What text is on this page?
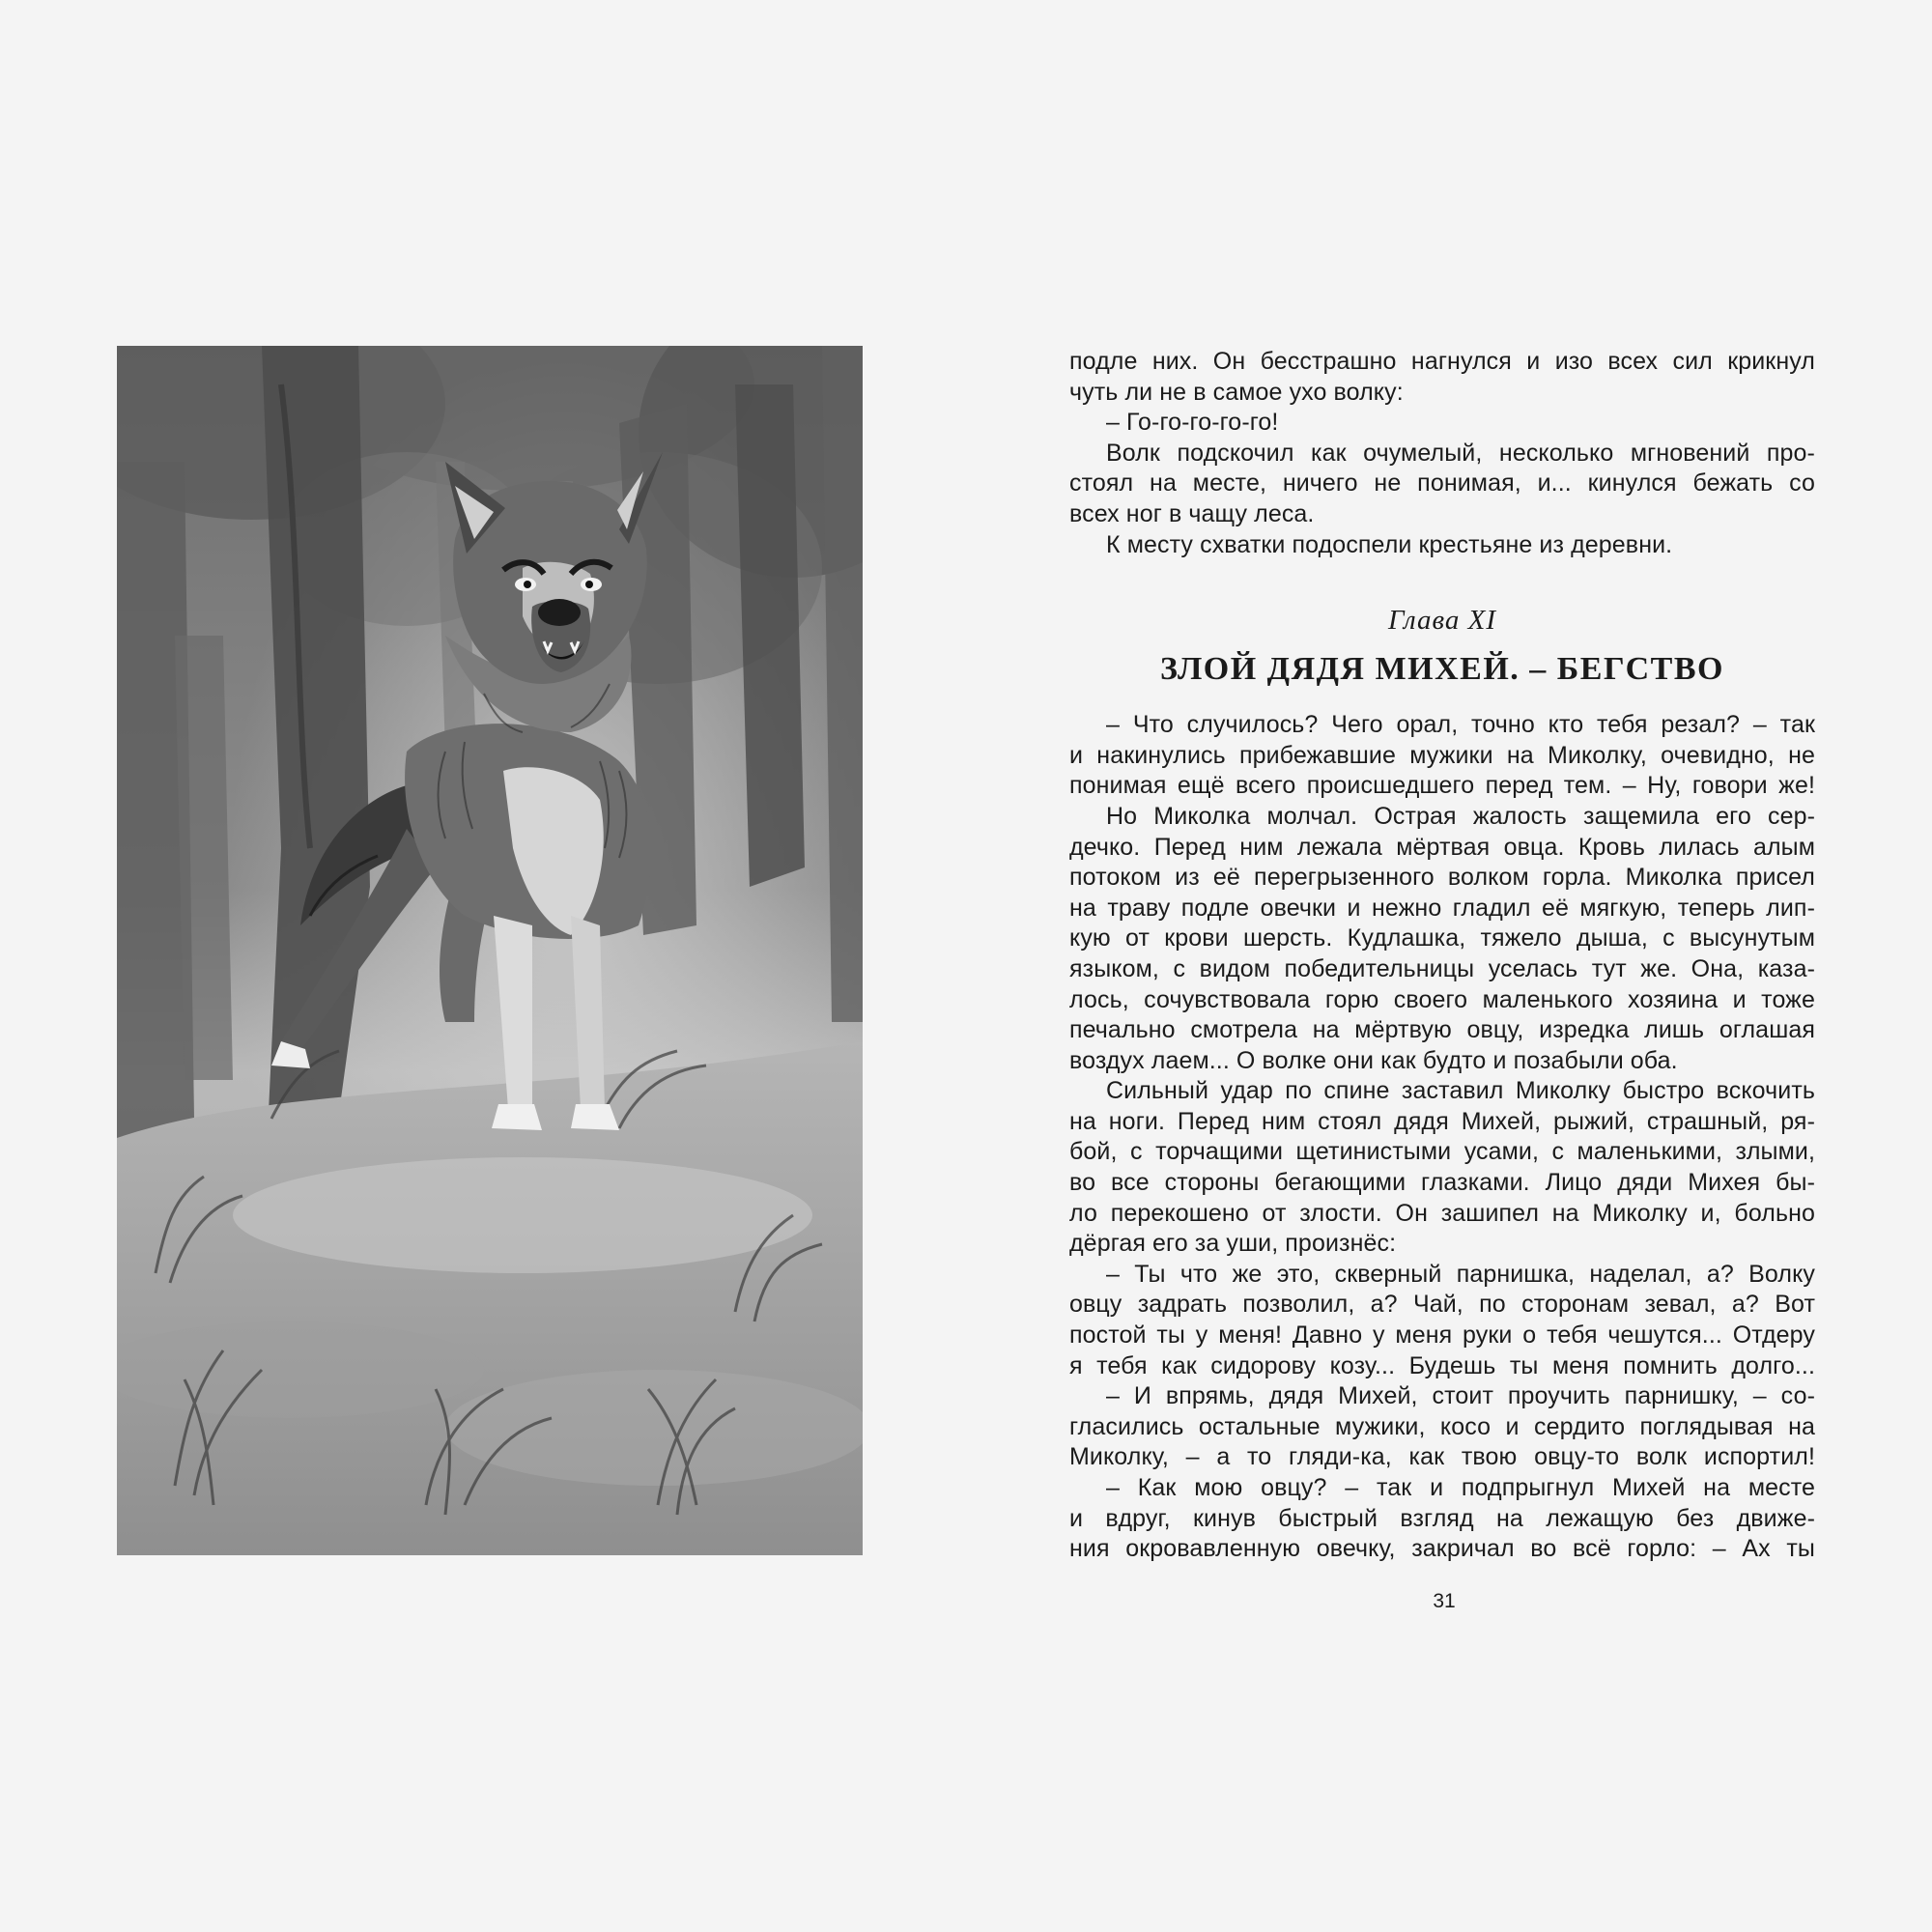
подле них. Он бесстрашно нагнулся и изо всех сил крикнул
чуть ли не в самое ухо волку:
– Го-го-го-го-го!
Волк подскочил как очумелый, несколько мгновений про-
стоял на месте, ничего не понимая, и... кинулся бежать со
всех ног в чащу леса.
К месту схватки подоспели крестьяне из деревни.
Глава XI
ЗЛОЙ ДЯДЯ МИХЕЙ. – БЕГСТВО
– Что случилось? Чего орал, точно кто тебя резал? – так
и накинулись прибежавшие мужики на Миколку, очевидно, не
понимая ещё всего происшедшего перед тем. – Ну, говори же!
Но Миколка молчал. Острая жалость защемила его сер-
дечко. Перед ним лежала мёртвая овца. Кровь лилась алым
потоком из её перегрызенного волком горла. Миколка присел
на траву подле овечки и нежно гладил её мягкую, теперь лип-
кую от крови шерсть. Кудлашка, тяжело дыша, с высунутым
языком, с видом победительницы уселась тут же. Она, каза-
лось, сочувствовала горю своего маленького хозяина и тоже
печально смотрела на мёртвую овцу, изредка лишь оглашая
воздух лаем... О волке они как будто и позабыли оба.
Сильный удар по спине заставил Миколку быстро вскочить
на ноги. Перед ним стоял дядя Михей, рыжий, страшный, ря-
бой, с торчащими щетинистыми усами, с маленькими, злыми,
во все стороны бегающими глазками. Лицо дяди Михея бы-
ло перекошено от злости. Он зашипел на Миколку и, больно
дёргая его за уши, произнёс:
– Ты что же это, скверный парнишка, наделал, а? Волку
овцу задрать позволил, а? Чай, по сторонам зевал, а? Вот
постой ты у меня! Давно у меня руки о тебя чешутся... Отдеру
я тебя как сидорову козу... Будешь ты меня помнить долго...
– И впрямь, дядя Михей, стоит проучить парнишку, – со-
гласились остальные мужики, косо и сердито поглядывая на
Миколку, – а то гляди-ка, как твою овцу-то волк испортил!
– Как мою овцу? – так и подпрыгнул Михей на месте
и вдруг, кинув быстрый взгляд на лежащую без движе-
ния окровавленную овечку, закричал во всё горло: – Ах ты
31
